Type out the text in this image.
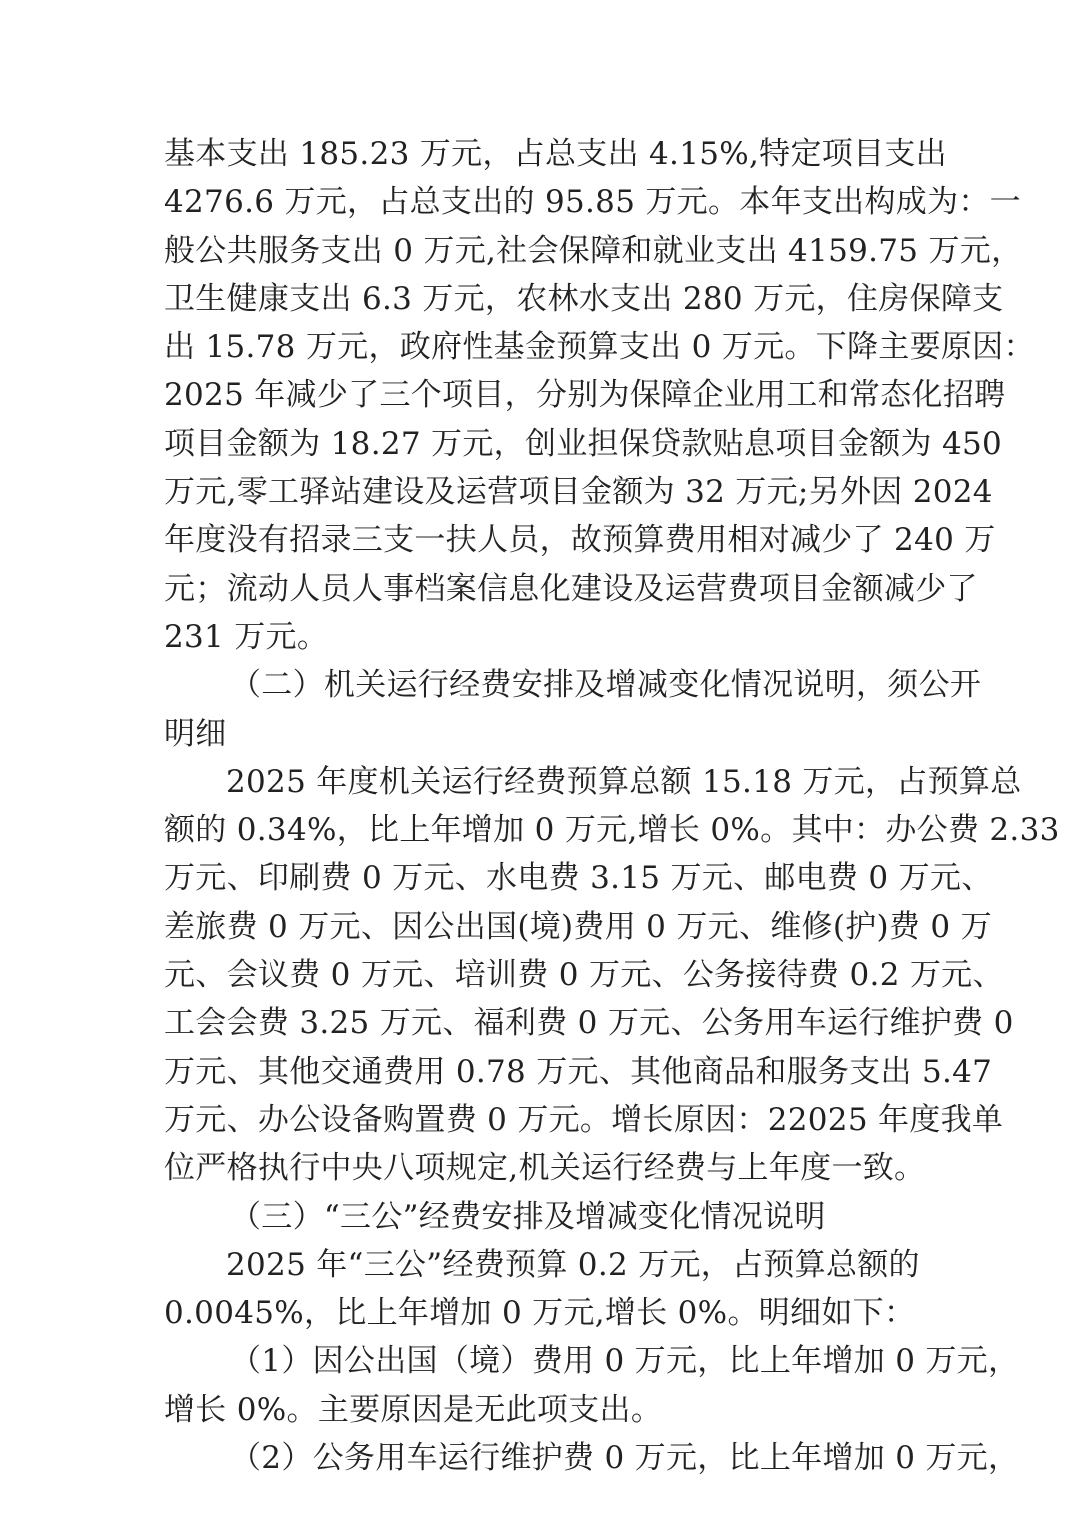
基本支出 185.23 万元，占总支出 4.15%,特定项目支出
4276.6 万元，占总支出的 95.85 万元。本年支出构成为：一
般公共服务支出 0 万元,社会保障和就业支出 4159.75 万元，
卫生健康支出 6.3 万元，农林水支出 280 万元，住房保障支
出 15.78 万元，政府性基金预算支出 0 万元。下降主要原因：
2025 年减少了三个项目，分别为保障企业用工和常态化招聘
项目金额为 18.27 万元，创业担保贷款贴息项目金额为 450
万元,零工驿站建设及运营项目金额为 32 万元;另外因 2024
年度没有招录三支一扶人员，故预算费用相对减少了 240 万
元；流动人员人事档案信息化建设及运营费项目金额减少了
231 万元。
（二）机关运行经费安排及增减变化情况说明，须公开
明细
2025 年度机关运行经费预算总额 15.18 万元，占预算总
额的 0.34%，比上年增加 0 万元,增长 0%。其中：办公费 2.33
万元、印刷费 0 万元、水电费 3.15 万元、邮电费 0 万元、
差旅费 0 万元、因公出国(境)费用 0 万元、维修(护)费 0 万
元、会议费 0 万元、培训费 0 万元、公务接待费 0.2 万元、
工会会费 3.25 万元、福利费 0 万元、公务用车运行维护费 0
万元、其他交通费用 0.78 万元、其他商品和服务支出 5.47
万元、办公设备购置费 0 万元。增长原因：22025 年度我单
位严格执行中央八项规定,机关运行经费与上年度一致。
（三）“三公”经费安排及增减变化情况说明
2025 年“三公”经费预算 0.2 万元，占预算总额的
0.0045%，比上年增加 0 万元,增长 0%。明细如下：
（1）因公出国（境）费用 0 万元，比上年增加 0 万元，
增长 0%。主要原因是无此项支出。
（2）公务用车运行维护费 0 万元，比上年增加 0 万元，
